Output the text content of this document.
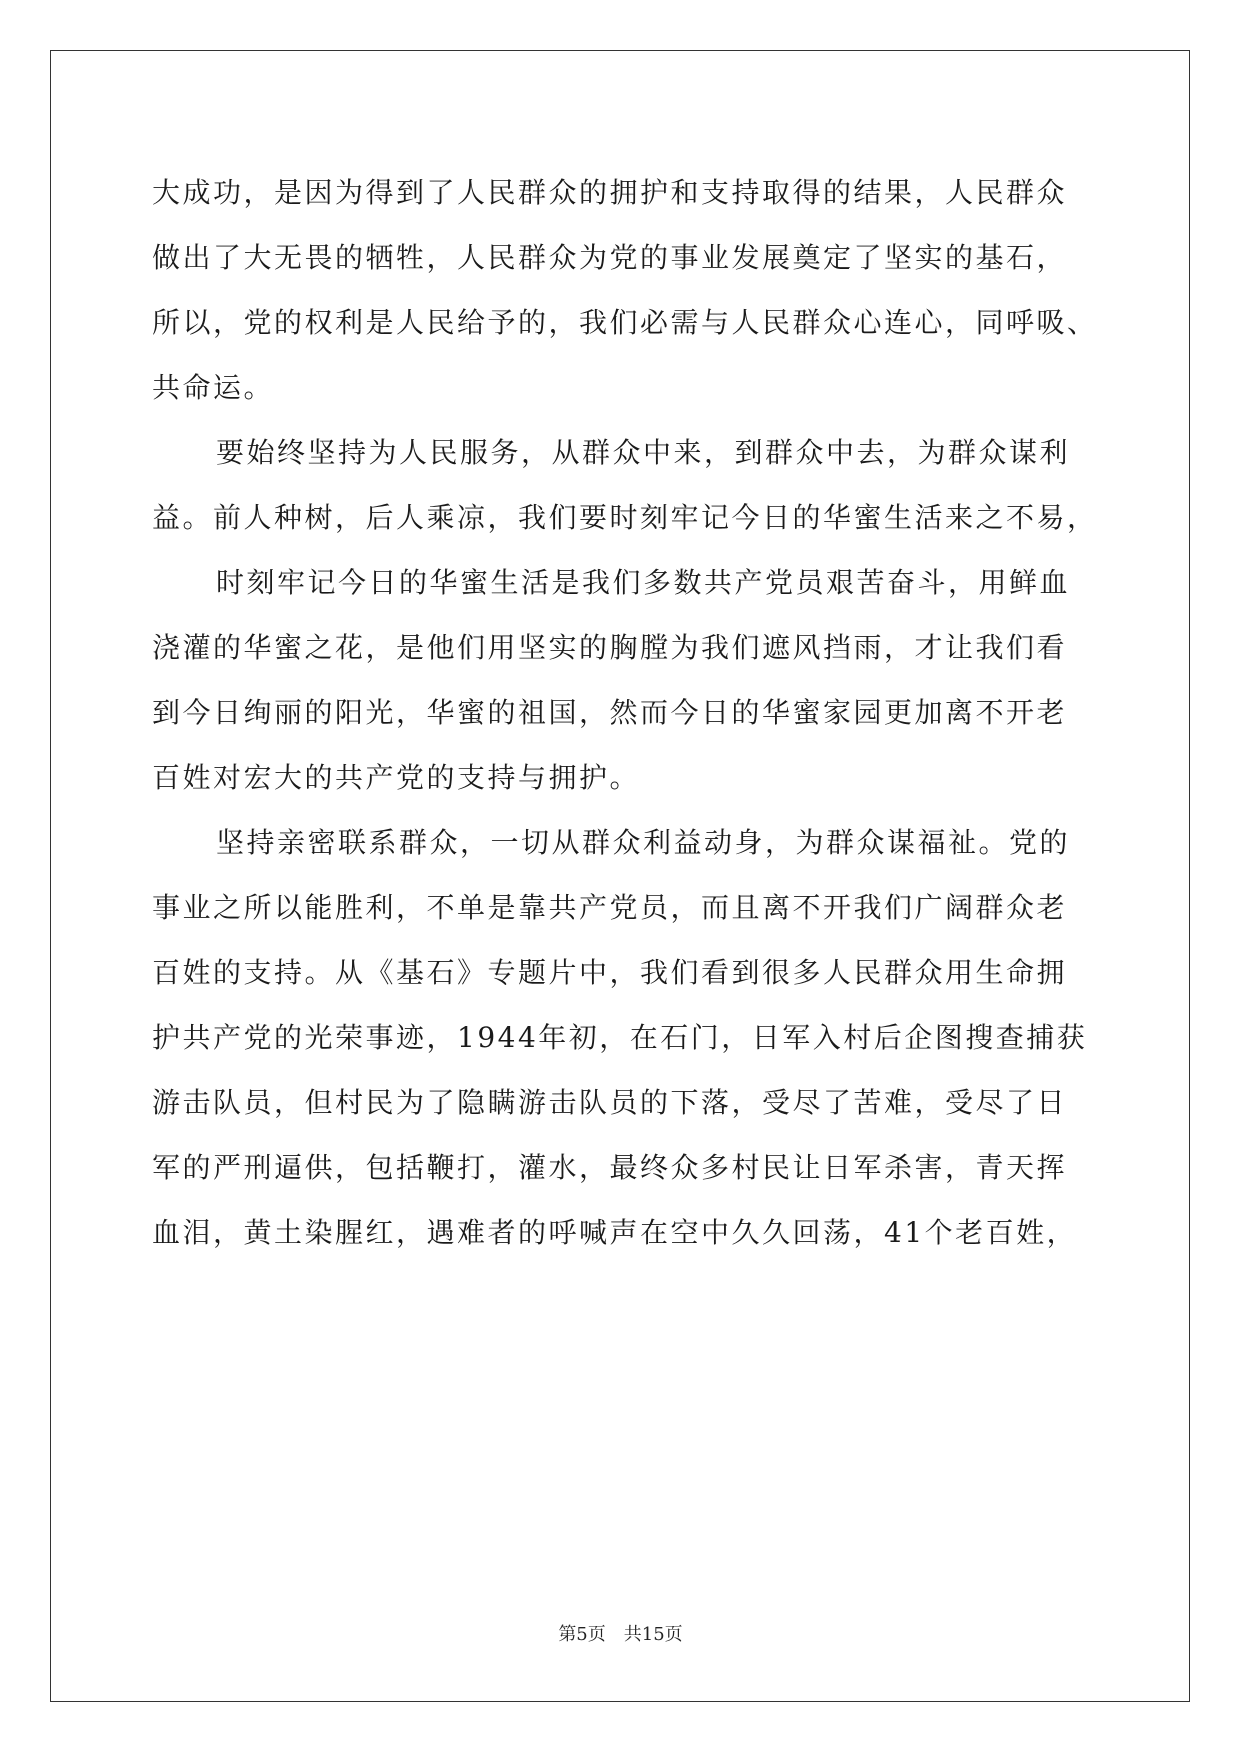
大成功，是因为得到了人民群众的拥护和支持取得的结果，人民群众
做出了大无畏的牺牲，人民群众为党的事业发展奠定了坚实的基石，
所以，党的权利是人民给予的，我们必需与人民群众心连心，同呼吸、
共命运。
要始终坚持为人民服务，从群众中来，到群众中去，为群众谋利
益。前人种树，后人乘凉，我们要时刻牢记今日的华蜜生活来之不易，
时刻牢记今日的华蜜生活是我们多数共产党员艰苦奋斗，用鲜血
浇灌的华蜜之花，是他们用坚实的胸膛为我们遮风挡雨，才让我们看
到今日绚丽的阳光，华蜜的祖国，然而今日的华蜜家园更加离不开老
百姓对宏大的共产党的支持与拥护。
坚持亲密联系群众，一切从群众利益动身，为群众谋福祉。党的
事业之所以能胜利，不单是靠共产党员，而且离不开我们广阔群众老
百姓的支持。从《基石》专题片中，我们看到很多人民群众用生命拥
护共产党的光荣事迹，1944年初，在石门，日军入村后企图搜查捕获
游击队员，但村民为了隐瞒游击队员的下落，受尽了苦难，受尽了日
军的严刑逼供，包括鞭打，灌水，最终众多村民让日军杀害，青天挥
血泪，黄土染腥红，遇难者的呼喊声在空中久久回荡，41个老百姓，
第5页 共15页
